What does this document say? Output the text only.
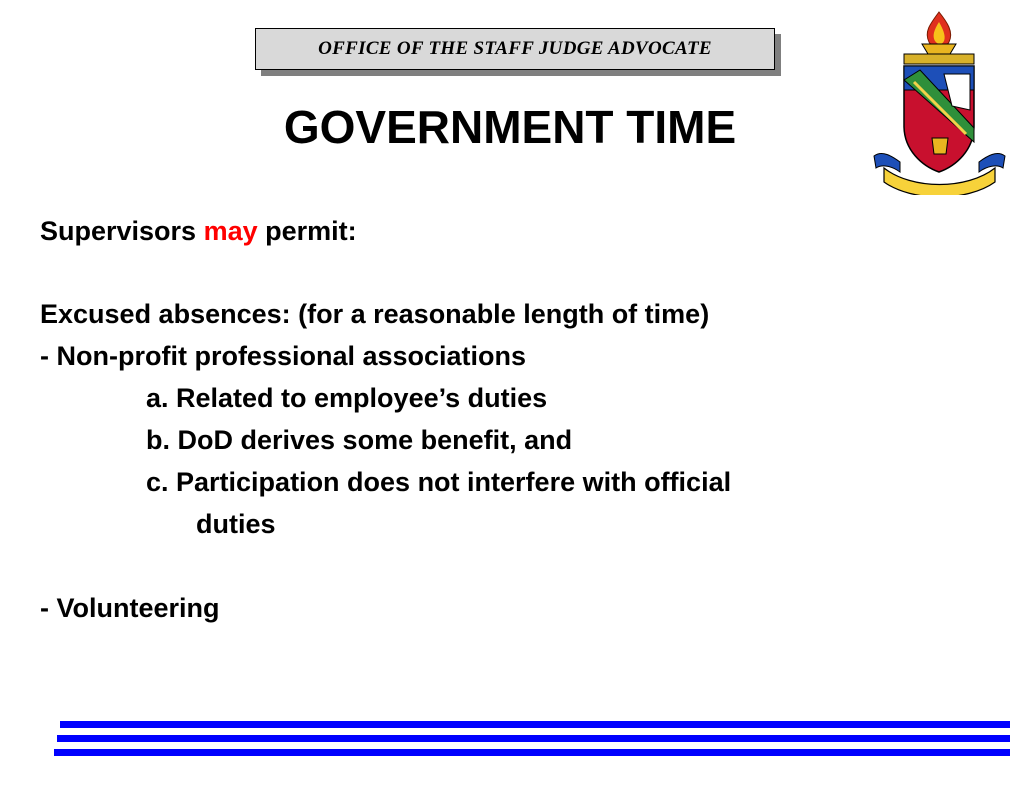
OFFICE OF THE STAFF JUDGE ADVOCATE
GOVERNMENT TIME
Supervisors may permit:
Excused absences: (for a reasonable length of time)
- Non-profit professional associations
a. Related to employee’s duties
b. DoD derives some benefit, and
c. Participation does not interfere with official
duties
- Volunteering
